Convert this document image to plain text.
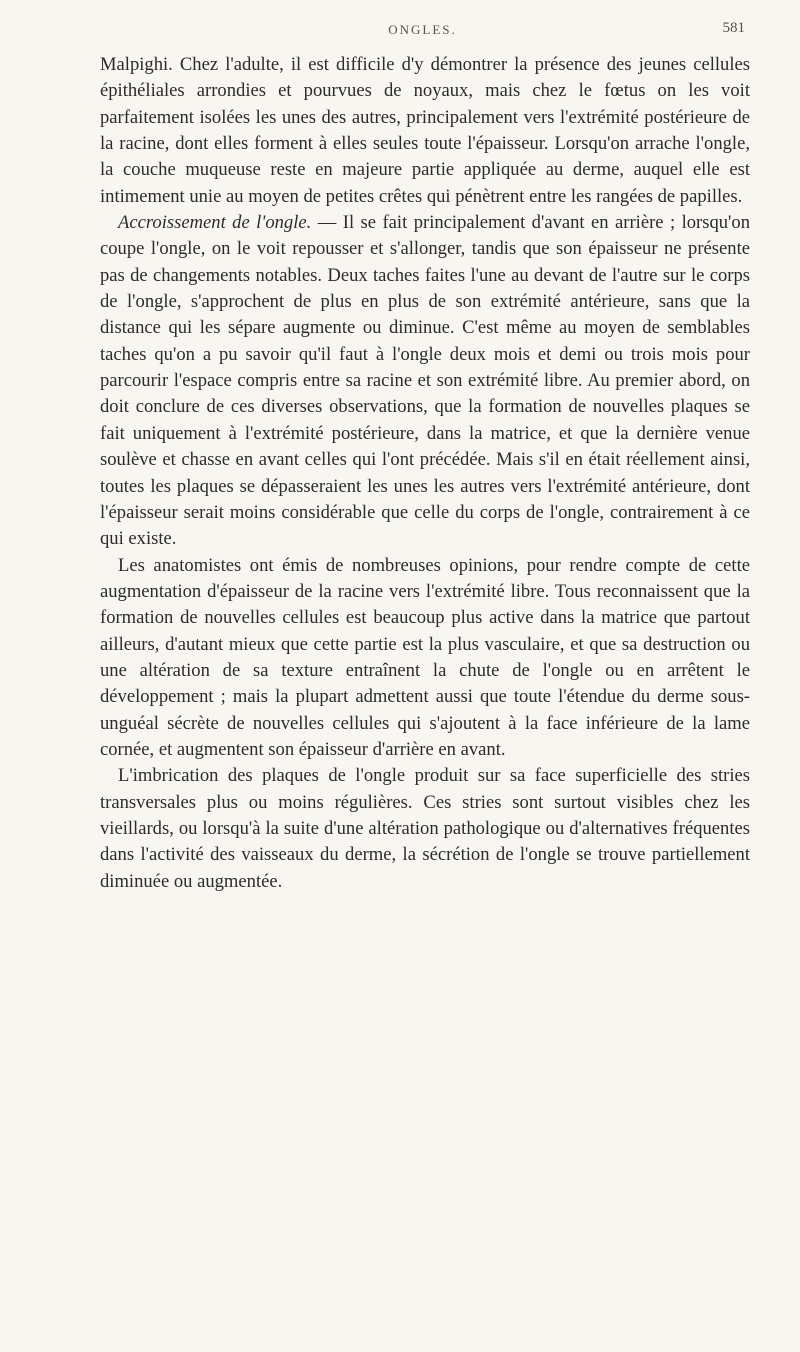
ONGLES.	581

Malpighi. Chez l'adulte, il est difficile d'y démontrer la présence des jeunes cellules épithéliales arrondies et pourvues de noyaux, mais chez le fœtus on les voit parfaitement isolées les unes des autres, principalement vers l'extrémité postérieure de la racine, dont elles forment à elles seules toute l'épaisseur. Lorsqu'on arrache l'ongle, la couche muqueuse reste en majeure partie appliquée au derme, auquel elle est intimement unie au moyen de petites crêtes qui pénètrent entre les rangées de papilles.

Accroissement de l'ongle. — Il se fait principalement d'avant en arrière ; lorsqu'on coupe l'ongle, on le voit repousser et s'allonger, tandis que son épaisseur ne présente pas de changements notables. Deux taches faites l'une au devant de l'autre sur le corps de l'ongle, s'approchent de plus en plus de son extrémité antérieure, sans que la distance qui les sépare augmente ou diminue. C'est même au moyen de semblables taches qu'on a pu savoir qu'il faut à l'ongle deux mois et demi ou trois mois pour parcourir l'espace compris entre sa racine et son extrémité libre. Au premier abord, on doit conclure de ces diverses observations, que la formation de nouvelles plaques se fait uniquement à l'extrémité postérieure, dans la matrice, et que la dernière venue soulève et chasse en avant celles qui l'ont précédée. Mais s'il en était réellement ainsi, toutes les plaques se dépasseraient les unes les autres vers l'extrémité antérieure, dont l'épaisseur serait moins considérable que celle du corps de l'ongle, contrairement à ce qui existe.

Les anatomistes ont émis de nombreuses opinions, pour rendre compte de cette augmentation d'épaisseur de la racine vers l'extrémité libre. Tous reconnaissent que la formation de nouvelles cellules est beaucoup plus active dans la matrice que partout ailleurs, d'autant mieux que cette partie est la plus vasculaire, et que sa destruction ou une altération de sa texture entraînent la chute de l'ongle ou en arrêtent le développement ; mais la plupart admettent aussi que toute l'étendue du derme sous-unguéal sécrète de nouvelles cellules qui s'ajoutent à la face inférieure de la lame cornée, et augmentent son épaisseur d'arrière en avant.

L'imbrication des plaques de l'ongle produit sur sa face superficielle des stries transversales plus ou moins régulières. Ces stries sont surtout visibles chez les vieillards, ou lorsqu'à la suite d'une altération pathologique ou d'alternatives fréquentes dans l'activité des vaisseaux du derme, la sécrétion de l'ongle se trouve partiellement diminuée ou augmentée.
